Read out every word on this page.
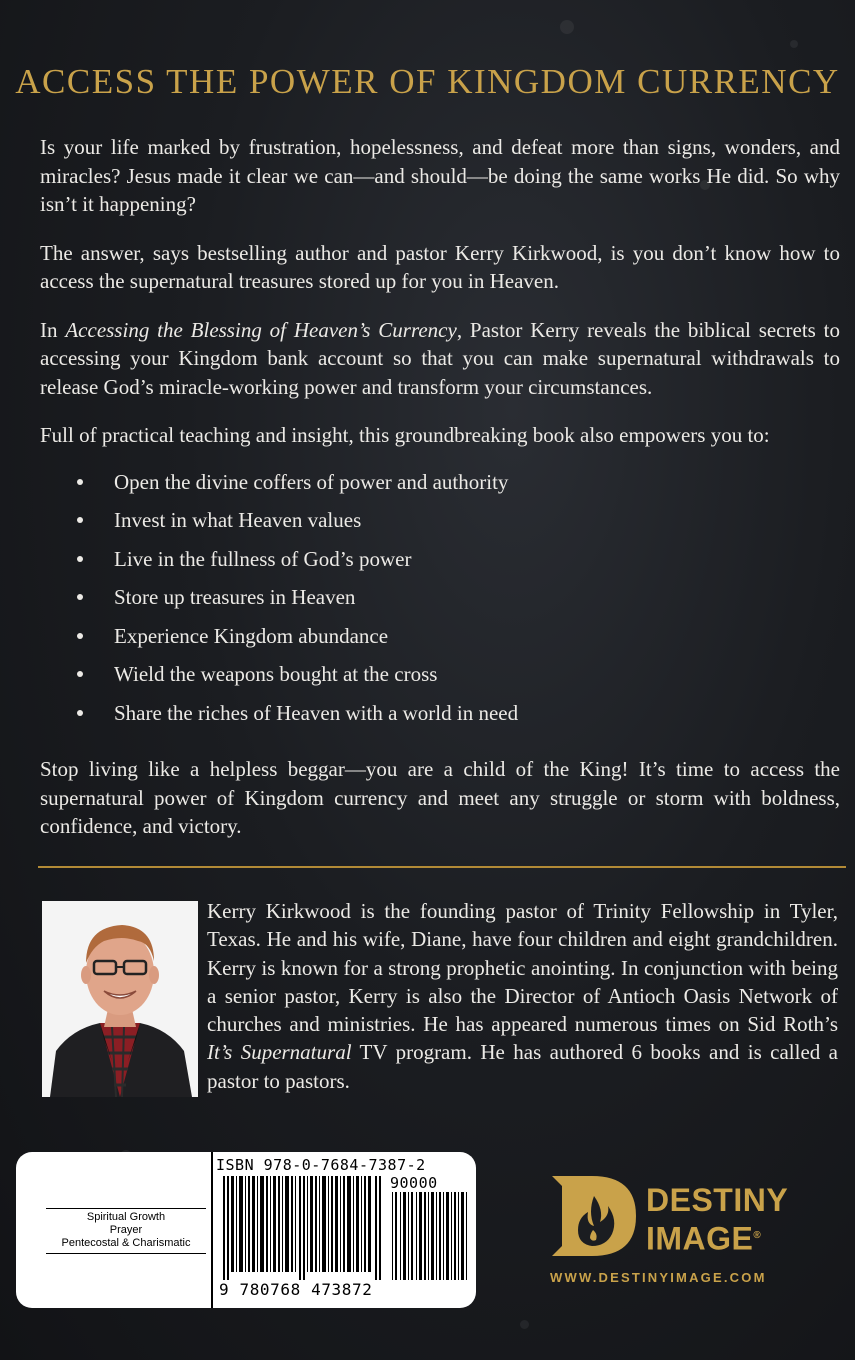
ACCESS THE POWER OF KINGDOM CURRENCY

Is your life marked by frustration, hopelessness, and defeat more than signs, wonders, and miracles? Jesus made it clear we can—and should—be doing the same works He did. So why isn’t it happening?

The answer, says bestselling author and pastor Kerry Kirkwood, is you don’t know how to access the supernatural treasures stored up for you in Heaven.

In Accessing the Blessing of Heaven’s Currency, Pastor Kerry reveals the biblical secrets to accessing your Kingdom bank account so that you can make supernatural withdrawals to release God’s miracle-working power and transform your circumstances.

Full of practical teaching and insight, this groundbreaking book also empowers you to:

Open the divine coffers of power and authority
Invest in what Heaven values
Live in the fullness of God’s power
Store up treasures in Heaven
Experience Kingdom abundance
Wield the weapons bought at the cross
Share the riches of Heaven with a world in need

Stop living like a helpless beggar—you are a child of the King! It’s time to access the supernatural power of Kingdom currency and meet any struggle or storm with boldness, confidence, and victory.

Kerry Kirkwood is the founding pastor of Trinity Fellowship in Tyler, Texas. He and his wife, Diane, have four children and eight grandchildren. Kerry is known for a strong prophetic anointing. In conjunction with being a senior pastor, Kerry is also the Director of Antioch Oasis Network of churches and ministries. He has appeared numerous times on Sid Roth’s It’s Supernatural TV program. He has authored 6 books and is called a pastor to pastors.
Spiritual Growth
Prayer
Pentecostal & Charismatic
ISBN 978-0-7684-7387-2
90000
9 780768 473872
DESTINY
IMAGE®
WWW.DESTINYIMAGE.COM
